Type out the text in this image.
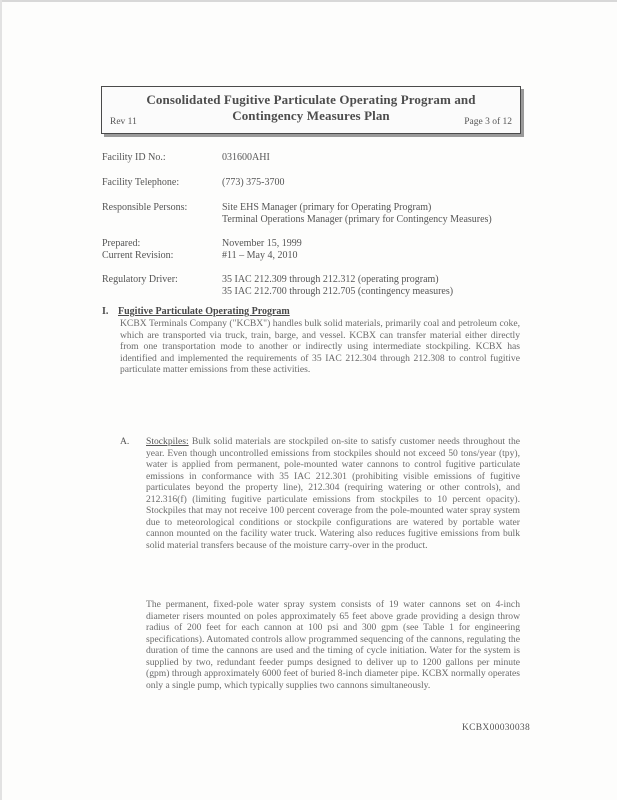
Consolidated Fugitive Particulate Operating Program and
Contingency Measures Plan
Rev 11	Page 3 of 12
Facility ID No.:	031600AHI
Facility Telephone:	(773) 375-3700
Responsible Persons:	Site EHS Manager (primary for Operating Program)
Terminal Operations Manager (primary for Contingency Measures)
Prepared:	November 15, 1999
Current Revision:	#11 – May 4, 2010
Regulatory Driver:	35 IAC 212.309 through 212.312 (operating program)
35 IAC 212.700 through 212.705 (contingency measures)
I. Fugitive Particulate Operating Program

KCBX Terminals Company ("KCBX") handles bulk solid materials, primarily coal and petroleum coke, which are transported via truck, train, barge, and vessel. KCBX can transfer material either directly from one transportation mode to another or indirectly using intermediate stockpiling. KCBX has identified and implemented the requirements of 35 IAC 212.304 through 212.308 to control fugitive particulate matter emissions from these activities.

A. Stockpiles: Bulk solid materials are stockpiled on-site to satisfy customer needs throughout the year. Even though uncontrolled emissions from stockpiles should not exceed 50 tons/year (tpy), water is applied from permanent, pole-mounted water cannons to control fugitive particulate emissions in conformance with 35 IAC 212.301 (prohibiting visible emissions of fugitive particulates beyond the property line), 212.304 (requiring watering or other controls), and 212.316(f) (limiting fugitive particulate emissions from stockpiles to 10 percent opacity). Stockpiles that may not receive 100 percent coverage from the pole-mounted water spray system due to meteorological conditions or stockpile configurations are watered by portable water cannon mounted on the facility water truck. Watering also reduces fugitive emissions from bulk solid material transfers because of the moisture carry-over in the product.

The permanent, fixed-pole water spray system consists of 19 water cannons set on 4-inch diameter risers mounted on poles approximately 65 feet above grade providing a design throw radius of 200 feet for each cannon at 100 psi and 300 gpm (see Table 1 for engineering specifications). Automated controls allow programmed sequencing of the cannons, regulating the duration of time the cannons are used and the timing of cycle initiation. Water for the system is supplied by two, redundant feeder pumps designed to deliver up to 1200 gallons per minute (gpm) through approximately 6000 feet of buried 8-inch diameter pipe. KCBX normally operates only a single pump, which typically supplies two cannons simultaneously.

KCBX00030038
